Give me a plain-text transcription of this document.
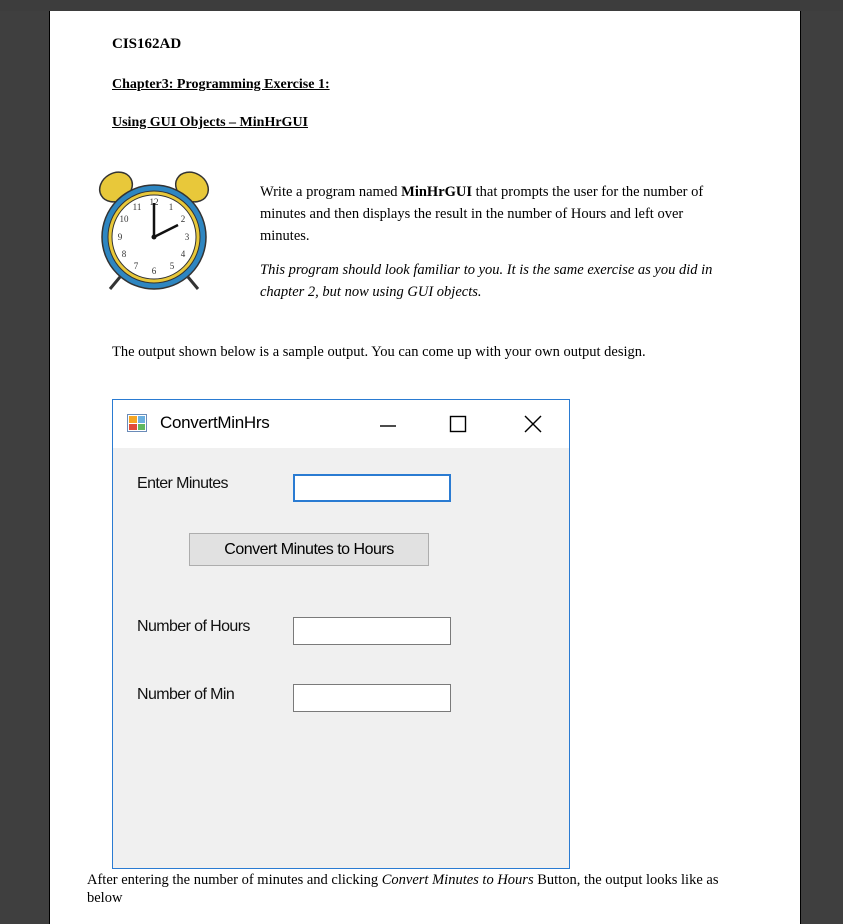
CIS162AD
Chapter3: Programming Exercise 1:
Using GUI Objects – MinHrGUI
12 1
2
3
4
5
6
7
8
9
10
11
Write a program named MinHrGUI that prompts the user for the number of minutes and then displays the result in the number of Hours and left over minutes.
This program should look familiar to you. It is the same exercise as you did in chapter 2, but now using GUI objects.
The output shown below is a sample output. You can come up with your own output design.
ConvertMinHrs
Enter Minutes
Convert Minutes to Hours
Number of Hours
Number of Min
After entering the number of minutes and clicking Convert Minutes to Hours Button, the output looks like as below
